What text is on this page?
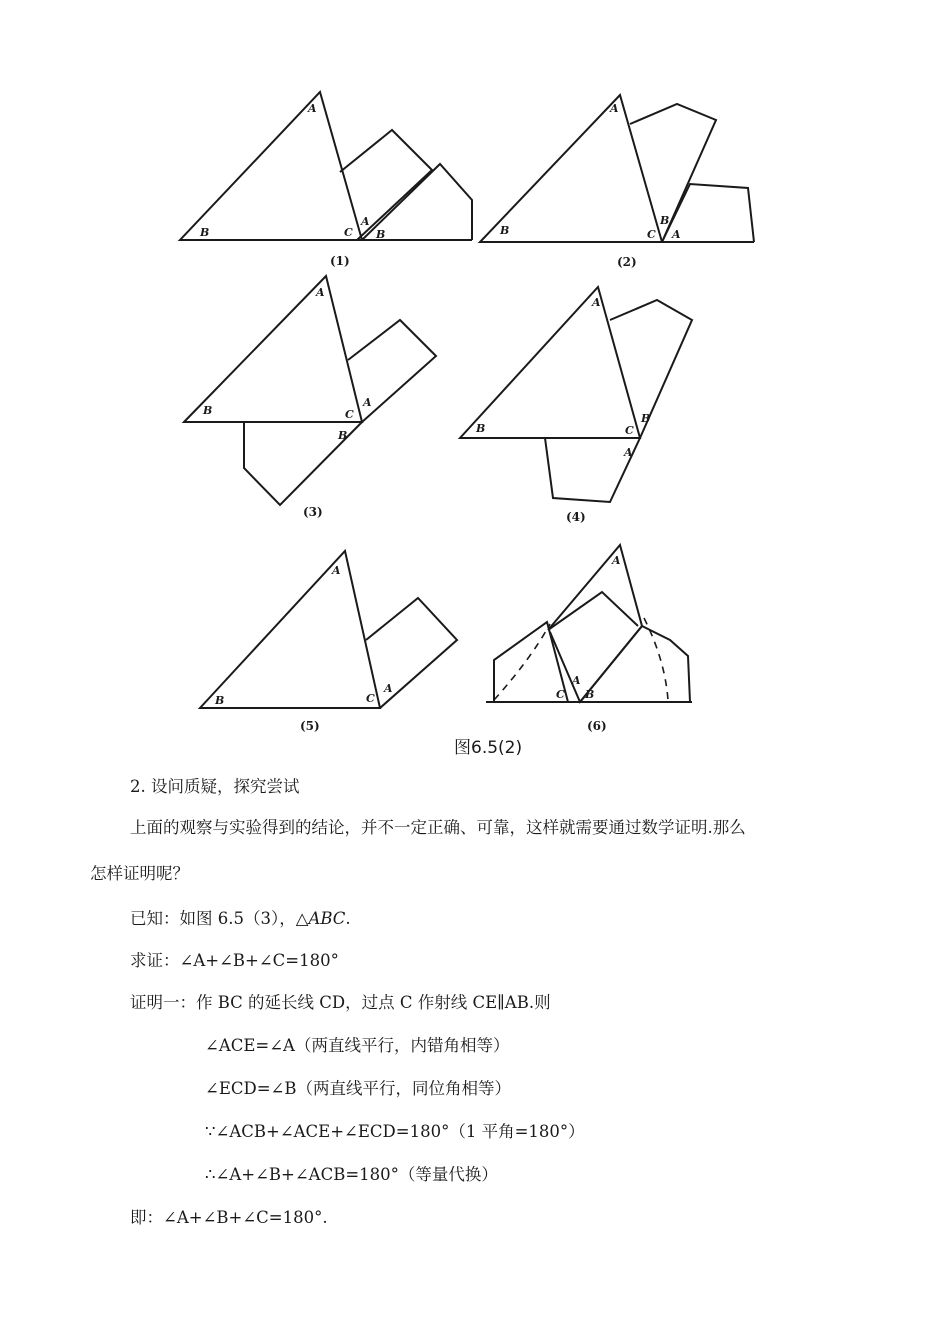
A
B	C
A
B
(1)
A
B	C
B
A
(2)
A
B	C
A
B
(3)
A
B	C
B
A
(4)
A
B	C
A
(5)
A
C
A
B
(6)
图6.5(2)
2. 设问质疑，探究尝试
上面的观察与实验得到的结论，并不一定正确、可靠，这样就需要通过数学证明.那么
怎样证明呢？
已知：如图 6.5（3），△ABC.
求证：∠A+∠B+∠C=180°
证明一：作 BC 的延长线 CD，过点 C 作射线 CE∥AB.则
∠ACE=∠A（两直线平行，内错角相等）
∠ECD=∠B（两直线平行，同位角相等）
∵∠ACB+∠ACE+∠ECD=180°（1 平角=180°）
∴∠A+∠B+∠ACB=180°（等量代换）
即：∠A+∠B+∠C=180°.
